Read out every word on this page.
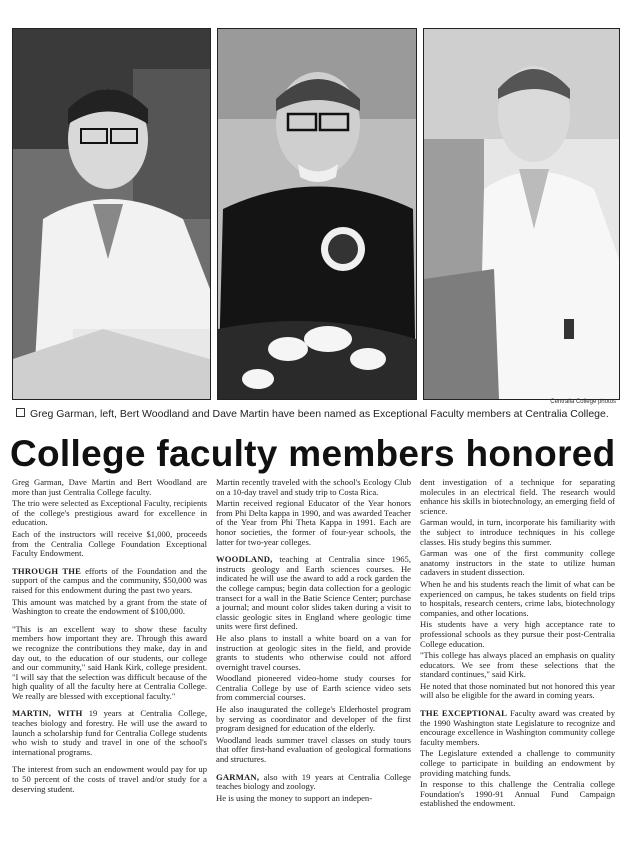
Centralia College photos
Greg Garman, left, Bert Woodland and Dave Martin have been named as Exceptional Faculty members at Centralia College.
College faculty members honored

Greg Garman, Dave Martin and Bert Woodland are more than just Centralia College faculty.

The trio were selected as Exceptional Faculty, recipients of the college's prestigious award for excellence in education.

Each of the instructors will receive $1,000, proceeds from the Centralia College Foundation Exceptional Faculty Endowment.

THROUGH THE efforts of the Foundation and the support of the campus and the community, $50,000 was raised for this endowment during the past two years.

This amount was matched by a grant from the state of Washington to create the endowment of $100,000.

"This is an excellent way to show these faculty members how important they are. Through this award we recognize the contributions they make, day in and day out, to the education of our students, our college and our community," said Hank Kirk, college president. "I will say that the selection was difficult because of the high quality of all the faculty here at Centralia College. We really are blessed with exceptional faculty."

MARTIN, WITH 19 years at Centralia College, teaches biology and forestry. He will use the award to launch a scholarship fund for Centralia College students who wish to study and travel in one of the school's international programs.

The interest from such an endowment would pay for up to 50 percent of the costs of travel and/or study for a deserving student.

Martin recently traveled with the school's Ecology Club on a 10-day travel and study trip to Costa Rica.

Martin received regional Educator of the Year honors from Phi Delta kappa in 1990, and was awarded Teacher of the Year from Phi Theta Kappa in 1991. Each are honor societies, the former of four-year schools, the latter for two-year colleges.

WOODLAND, teaching at Centralia since 1965, instructs geology and Earth sciences courses. He indicated he will use the award to add a rock garden the the college campus; begin data collection for a geologic transect for a wall in the Batie Science Center; purchase a journal; and mount color slides taken during a visit to classic geologic sites in England where geologic time units were first defined.

He also plans to install a white board on a van for instruction at geologic sites in the field, and provide grants to students who otherwise could not afford overnight travel courses.

Woodland pioneered video-home study courses for Centralia College by use of Earth science video sets from commercial courses.

He also inaugurated the college's Elderhostel program by serving as coordinator and developer of the first program designed for education of the elderly.

Woodland leads summer travel classes on study tours that offer first-hand evaluation of geological formations and structures.

GARMAN, also with 19 years at Centralia College teaches biology and zoology.

He is using the money to support an indepen-

dent investigation of a technique for separating molecules in an electrical field. The research would enhance his skills in biotechnology, an emerging field of science.

Garman would, in turn, incorporate his familiarity with the subject to introduce techniques in his college classes. His study begins this summer.

Garman was one of the first community college anatomy instructors in the state to utilize human cadavers in student dissection.

When he and his students reach the limit of what can be experienced on campus, he takes students on field trips to hospitals, research centers, crime labs, biotechnology companies, and other locations.

His students have a very high acceptance rate to professional schools as they pursue their post-Centralia College education.

"This college has always placed an emphasis on quality educators. We see from these selections that the standard continues," said Kirk.

He noted that those nominated but not honored this year will also be eligible for the award in coming years.

THE EXCEPTIONAL Faculty award was created by the 1990 Washington state Legislature to recognize and encourage excellence in Washington community college faculty members.

The Legislature extended a challenge to community college to participate in building an endowment by providing matching funds.

In response to this challenge the Centralia college Foundation's 1990-91 Annual Fund Campaign established the endowment.
